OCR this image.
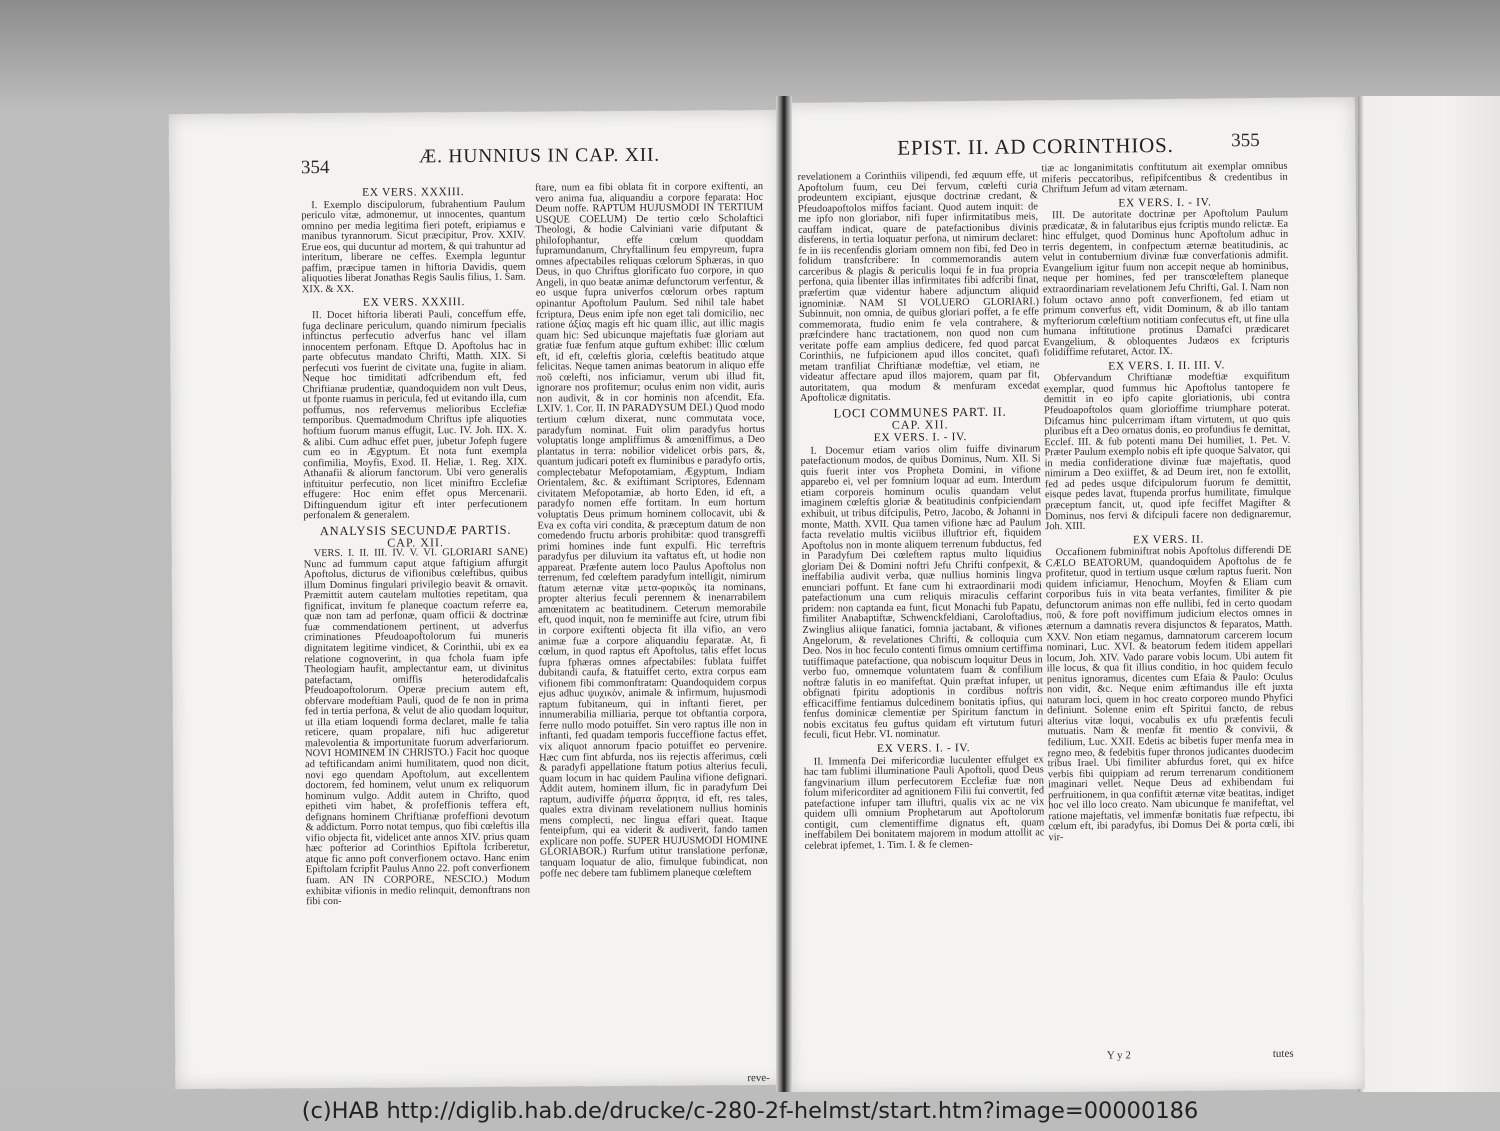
354
Æ. HUNNIUS IN CAP. XII.
EX VERS. XXXIII.

I. Exemplo discipulorum, fubrahentium Paulum periculo vitæ, admonemur, ut innocentes, quantum omnino per media legitima fieri poteft, eripiamus e manibus tyrannorum. Sicut præcipitur, Prov. XXIV. Erue eos, qui ducuntur ad mortem, & qui trahuntur ad interitum, liberare ne ceffes. Exempla leguntur paffim, præcipue tamen in hiftoria Davidis, quem aliquoties liberat Jonathas Regis Saulis filius, 1. Sam. XIX. & XX.

EX VERS. XXXIII.

II. Docet hiftoria liberati Pauli, conceffum effe, fuga declinare periculum, quando nimirum fpecialis inftinctus perfecutio adverfus hanc vel illam innocentem perfonam. Eftque D. Apoftolus hac in parte obfecutus mandato Chrifti, Matth. XIX. Si perfecuti vos fuerint de civitate una, fugite in aliam. Neque hoc timiditati adfcribendum eft, fed Chriftianæ prudentiæ, quandoquidem non vult Deus, ut fponte ruamus in pericula, fed ut evitando illa, cum poffumus, nos refervemus melioribus Ecclefiæ temporibus. Quemadmodum Chriftus ipfe aliquoties hoftium fuorum manus effugit, Luc. IV. Joh. IIX. X. & alibi. Cum adhuc effet puer, jubetur Jofeph fugere cum eo in Ægyptum. Et nota funt exempla confimilia, Moyfis, Exod. II. Heliæ, 1. Reg. XIX. Athanafii & aliorum fanctorum. Ubi vero generalis inftituitur perfecutio, non licet miniftro Ecclefiæ effugere: Hoc enim effet opus Mercenarii. Diftinguendum igitur eft inter perfecutionem perfonalem & generalem.

ANALYSIS SECUNDÆ PARTIS.
CAP. XII.

VERS. I. II. III. IV. V. VI. GLORIARI SANE) Nunc ad fummum caput atque faftigium affurgit Apoftolus, dicturus de vifionibus cœleftibus, quibus illum Dominus fingulari privilegio beavit & ornavit. Præmittit autem cautelam multoties repetitam, qua fignificat, invitum fe planeque coactum referre ea, quæ non tam ad perfonæ, quam officii & doctrinæ fuæ commendationem pertinent, ut adverfus criminationes Pfeudoapoftolorum fui muneris dignitatem legitime vindicet, & Corinthii, ubi ex ea relatione cognoverint, in qua fchola fuam ipfe Theologiam haufit, amplectantur eam, ut divinitus patefactam, omiffis heterodidafcalis Pfeudoapoftolorum. Operæ precium autem eft, obfervare modeftiam Pauli, quod de fe non in prima fed in tertia perfona, & velut de alio quodam loquitur, ut illa etiam loquendi forma declaret, malle fe talia reticere, quam propalare, nifi huc adigeretur malevolentia & importunitate fuorum adverfariorum. NOVI HOMINEM IN CHRISTO.) Facit hoc quoque ad teftificandam animi humilitatem, quod non dicit, novi ego quendam Apoftolum, aut excellentem doctorem, fed hominem, velut unum ex reliquorum hominum vulgo. Addit autem in Chrifto, quod epitheti vim habet, & profeffionis teffera eft, defignans hominem Chriftianæ profeffioni devotum & addictum. Porro notat tempus, quo fibi cœleftis illa vifio objecta fit, videlicet ante annos XIV. prius quam hæc pofterior ad Corinthios Epiftola fcriberetur, atque fic anno poft converfionem octavo. Hanc enim Epiftolam fcripfit Paulus Anno 22. poft converfionem fuam. AN IN CORPORE, NESCIO.) Modum exhibitæ vifionis in medio relinquit, demonftrans non fibi con-

ftare, num ea fibi oblata fit in corpore exiftenti, an vero anima fua, aliquandiu a corpore feparata: Hoc Deum noffe. RAPTUM HUJUSMODI IN TERTIUM USQUE COELUM) De tertio cœlo Scholaftici Theologi, & hodie Calviniani varie difputant & philofophantur, effe cœlum quoddam fupramundanum, Chryftallinum feu empyreum, fupra omnes afpectabiles reliquas cœlorum Sphæras, in quo Deus, in quo Chriftus glorificato fuo corpore, in quo Angeli, in quo beatæ animæ defunctorum verfentur, & eo usque fupra univerfos cœlorum orbes raptum opinantur Apoftolum Paulum. Sed nihil tale habet fcriptura, Deus enim ipfe non eget tali domicilio, nec ratione ἀξίας magis eft hic quam illic, aut illic magis quam hic: Sed ubicunque majeftatis fuæ gloriam aut gratiæ fuæ fenfum atque guftum exhibet: illic cœlum eft, id eft, cœleftis gloria, cœleftis beatitudo atque felicitas. Neque tamen animas beatorum in aliquo effe ποῦ cœlefti, nos inficiamur, verum ubi illud fit, ignorare nos profitemur; oculus enim non vidit, auris non audivit, & in cor hominis non afcendit, Efa. LXIV. 1. Cor. II. IN PARADYSUM DEI.) Quod modo tertium cœlum dixerat, nunc commutata voce, paradyfum nominat. Fuit olim paradyfus hortus voluptatis longe ampliffimus & amœniffimus, a Deo plantatus in terra: nobilior videlicet orbis pars, &, quantum judicari poteft ex fluminibus e paradyfo ortis, complectebatur Mefopotamiam, Ægyptum, Indiam Orientalem, &c. & exiftimant Scriptores, Edennam civitatem Mefopotamiæ, ab horto Eden, id eft, a paradyfo nomen effe fortitam. In eum hortum voluptatis Deus primum hominem collocavit, ubi & Eva ex cofta viri condita, & præceptum datum de non comedendo fructu arboris prohibitæ: quod transgreffi primi homines inde funt expulfi. Hic terreftris paradyfus per diluvium ita vaftatus eft, ut hodie non appareat. Præfente autem loco Paulus Apoftolus non terrenum, fed cœleftem paradyfum intelligit, nimirum ftatum æternæ vitæ μετα-φορικῶς ita nominans, propter alterius feculi perennem & inenarrabilem amœnitatem ac beatitudinem. Ceterum memorabile eft, quod inquit, non fe meminiffe aut fcire, utrum fibi in corpore exiftenti objecta fit illa vifio, an vero animæ fuæ a corpore aliquandiu feparatæ. At, fi cœlum, in quod raptus eft Apoftolus, talis effet locus fupra fphæras omnes afpectabiles: fublata fuiffet dubitandi caufa, & ftatuiffet certo, extra corpus eam vifionem fibi commonftratam: Quandoquidem corpus ejus adhuc ψυχικὸν, animale & infirmum, hujusmodi raptum fubitaneum, qui in inftanti fieret, per innumerabilia milliaria, perque tot obftantia corpora, ferre nullo modo potuiffet. Sin vero raptus ille non in inftanti, fed quadam temporis fucceffione factus effet, vix aliquot annorum fpacio potuiffet eo pervenire. Hæc cum fint abfurda, nos iis rejectis afferimus, cœli & paradyfi appellatione ftatum potius alterius feculi, quam locum in hac quidem Paulina vifione defignari. Addit autem, hominem illum, fic in paradyfum Dei raptum, audiviffe ῥήματα ἄρρητα, id eft, res tales, quales extra divinam revelationem nullius hominis mens complecti, nec lingua effari queat. Itaque fenteipfum, qui ea viderit & audiverit, fando tamen explicare non poffe. SUPER HUJUSMODI HOMINE GLORIABOR.) Rurfum utitur translatione perfonæ, tanquam loquatur de alio, fimulque fubindicat, non poffe nec debere tam fublimem planeque cœleftem

reve-
EPIST. II. AD CORINTHIOS.	355

revelationem a Corinthiis vilipendi, fed æquum effe, ut Apoftolum fuum, ceu Dei fervum, cœlefti curia prodeuntem excipiant, ejusque doctrinæ credant, & Pfeudoapoftolos miffos faciant. Quod autem inquit: de me ipfo non gloriabor, nifi fuper infirmitatibus meis, cauffam indicat, quare de patefactionibus divinis disferens, in tertia loquatur perfona, ut nimirum declaret: fe in iis recenfendis gloriam omnem non fibi, fed Deo in folidum transfcribere: In commemorandis autem carceribus & plagis & periculis loqui fe in fua propria perfona, quia libenter illas infirmitates fibi adfcribi finat, præfertim quæ videntur habere adjunctum aliquid ignominiæ. NAM SI VOLUERO GLORIARI.) Subinnuit, non omnia, de quibus gloriari poffet, a fe effe commemorata, ftudio enim fe vela contrahere, & præfcindere hanc tractationem, non quod non cum veritate poffe eam amplius dedicere, fed quod parcat Corinthiis, ne fufpicionem apud illos concitet, quafi metam tranfiliat Chriftianæ modeftiæ, vel etiam, ne videatur affectare apud illos majorem, quam par fit, autoritatem, qua modum & menfuram excedat Apoftolicæ dignitatis.

LOCI COMMUNES PART. II.
CAP. XII.
EX VERS. I. - IV.

I. Docemur etiam varios olim fuiffe divinarum patefactionum modos, de quibus Dominus, Num. XII. Si quis fuerit inter vos Propheta Domini, in vifione apparebo ei, vel per fomnium loquar ad eum. Interdum etiam corporeis hominum oculis quandam velut imaginem cœleftis gloriæ & beatitudinis confpiciendam exhibuit, ut tribus difcipulis, Petro, Jacobo, & Johanni in monte, Matth. XVII. Qua tamen vifione hæc ad Paulum facta revelatio multis viciibus illuftrior eft, fiquidem Apoftolus non in monte aliquem terrenum fubductus, fed in Paradyfum Dei cœleftem raptus multo liquidius gloriam Dei & Domini noftri Jefu Chrifti confpexit, & ineffabilia audivit verba, quæ nullius hominis lingva enunciari poffunt. Et fane cum hi extraordinarii modi patefactionum una cum reliquis miraculis ceffarint pridem: non captanda ea funt, ficut Monachi fub Papatu, fimiliter Anabaptiftæ, Schwenckfeldiani, Caroloftadius, Zwinglius aliique fanatici, fomnia jactabant, & vifiones Angelorum, & revelationes Chrifti, & colloquia cum Deo. Nos in hoc feculo contenti fimus omnium certiffima tutiffimaque patefactione, qua nobiscum loquitur Deus in verbo fuo, omnemque voluntatem fuam & confilium noftræ falutis in eo manifeftat. Quin præftat infuper, ut obfignati fpiritu adoptionis in cordibus noftris efficaciffime fentiamus dulcedinem bonitatis ipfius, qui fenfus dominicæ clementiæ per Spiritum fanctum in nobis excitatus feu guftus quidam eft virtutum futuri feculi, ficut Hebr. VI. nominatur.

EX VERS. I. - IV.

II. Immenfa Dei mifericordiæ luculenter effulget ex hac tam fublimi illuminatione Pauli Apoftoli, quod Deus fangvinarium illum perfecutorem Ecclefiæ fuæ non folum mifericorditer ad agnitionem Filii fui convertit, fed patefactione infuper tam illuftri, qualis vix ac ne vix quidem ulli omnium Prophetarum aut Apoftolorum contigit, cum clementiffime dignatus eft, quam ineffabilem Dei bonitatem majorem in modum attollit ac celebrat ipfemet, 1. Tim. I. & fe clemen-

tiæ ac longanimitatis conftitutum ait exemplar omnibus miferis peccatoribus, refipifcentibus & credentibus in Chriftum Jefum ad vitam æternam.

EX VERS. I. - IV.

III. De autoritate doctrinæ per Apoftolum Paulum prædicatæ, & in falutaribus ejus fcriptis mundo relictæ. Ea hinc effulget, quod Dominus hunc Apoftolum adhuc in terris degentem, in confpectum æternæ beatitudinis, ac velut in contubernium divinæ fuæ converfationis admifit. Evangelium igitur fuum non accepit neque ab hominibus, neque per homines, fed per transcœleftem planeque extraordinariam revelationem Jefu Chrifti, Gal. I. Nam non folum octavo anno poft converfionem, fed etiam ut primum converfus eft, vidit Dominum, & ab illo tantam myfteriorum cœleftium notitiam confecutus eft, ut fine ulla humana inftitutione protinus Damafci prædicaret Evangelium, & obloquentes Judæos ex fcripturis folidiffime refutaret, Actor. IX.

EX VERS. I. II. III. V.

Obfervandum Chriftianæ modeftiæ exquifitum exemplar, quod fummus hic Apoftolus tantopere fe demittit in eo ipfo capite gloriationis, ubi contra Pfeudoapoftolos quam glorioffime triumphare poterat. Difcamus hinc pulcerrimam iftam virtutem, ut quo quis pluribus eft a Deo ornatus donis, eo profundius fe demittat, Ecclef. III. & fub potenti manu Dei humiliet, 1. Pet. V. Præter Paulum exemplo nobis eft ipfe quoque Salvator, qui in media confideratione divinæ fuæ majeftatis, quod nimirum a Deo exiiffet, & ad Deum iret, non fe extollit, fed ad pedes usque difcipulorum fuorum fe demittit, eisque pedes lavat, ftupenda prorfus humilitate, fimulque præceptum fancit, ut, quod ipfe feciffet Magifter & Dominus, nos fervi & difcipuli facere non dedignaremur, Joh. XIII.

EX VERS. II.

Occafionem fubminiftrat nobis Apoftolus differendi DE CÆLO BEATORUM, quandoquidem Apoftolus de fe profitetur, quod in tertium usque cœlum raptus fuerit. Non quidem inficiamur, Henochum, Moyfen & Eliam cum corporibus fuis in vita beata verfantes, fimiliter & pie defunctorum animas non effe nullibi, fed in certo quodam ποῦ, & fore poft noviffimum judicium electos omnes in æternum a damnatis revera disjunctos & feparatos, Matth. XXV. Non etiam negamus, damnatorum carcerem locum nominari, Luc. XVI. & beatorum fedem itidem appellari locum, Joh. XIV. Vado parare vobis locum. Ubi autem fit ille locus, & qua fit illius conditio, in hoc quidem feculo penitus ignoramus, dicentes cum Efaia & Paulo: Oculus non vidit, &c. Neque enim æftimandus ille eft juxta naturam loci, quem in hoc creato corporeo mundo Phyfici definiunt. Solenne enim eft Spiritui fancto, de rebus alterius vitæ loqui, vocabulis ex ufu præfentis feculi mutuatis. Nam & menfæ fit mentio & convivii, & fedilium, Luc. XXII. Edetis ac bibetis fuper menfa mea in regno meo, & fedebitis fuper thronos judicantes duodecim tribus Irael. Ubi fimiliter abfurdus foret, qui ex hifce verbis fibi quippiam ad rerum terrenarum conditionem imaginari vellet. Neque Deus ad exhibendam fui perfruitionem, in qua confiftit æternæ vitæ beatitas, indiget hoc vel illo loco creato. Nam ubicunque fe manifeftat, vel ratione majeftatis, vel immenfæ bonitatis fuæ refpectu, ibi cœlum eft, ibi paradyfus, ibi Domus Dei & porta cœli, ibi vir-

Y y 2	tutes
(c)HAB http://diglib.hab.de/drucke/c-280-2f-helmst/start.htm?image=00000186
